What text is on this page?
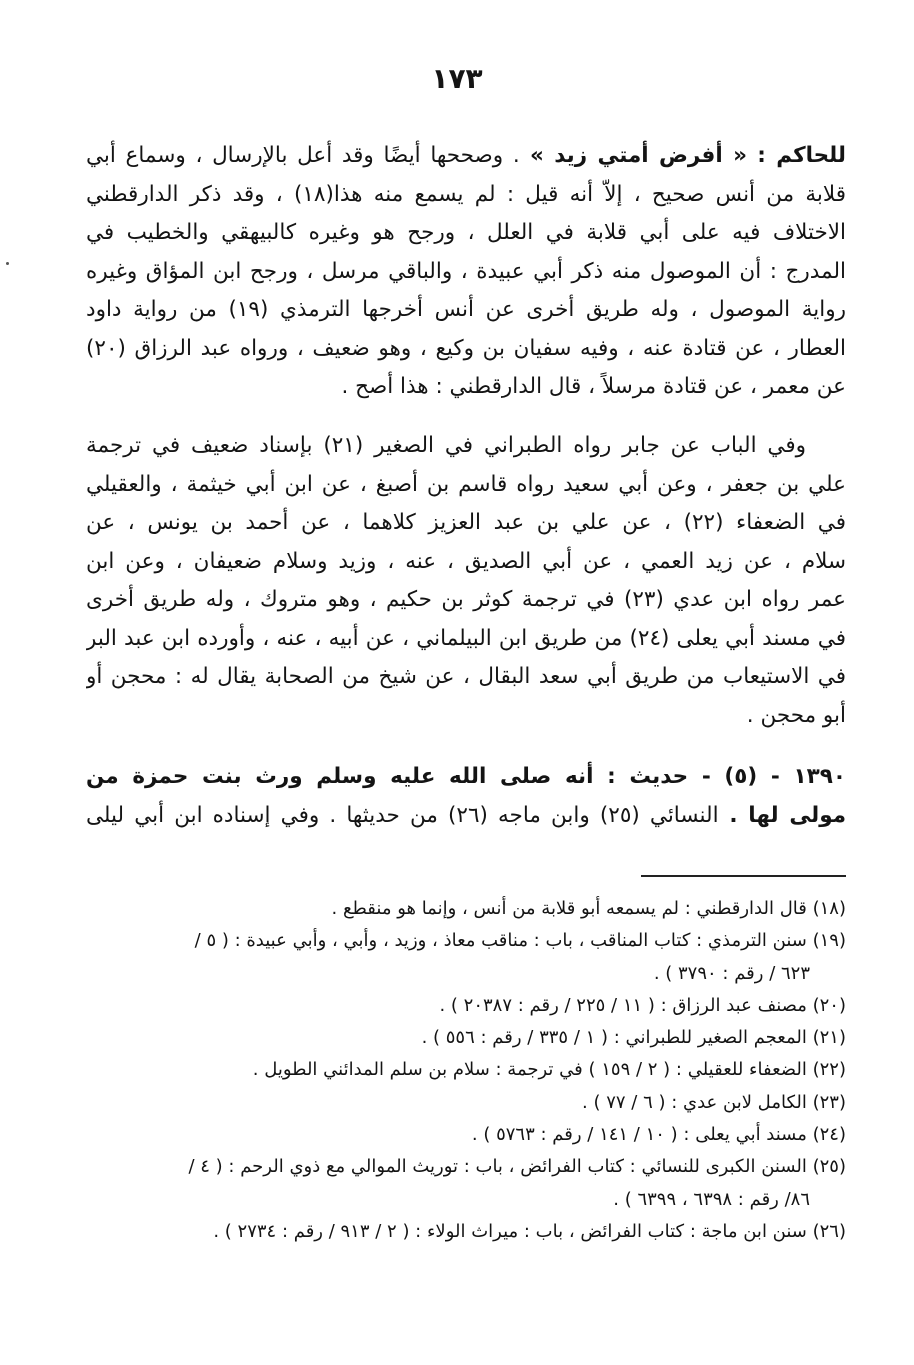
١٧٣
للحاكم : « أفرض أمتي زيد » . وصححها أيضًا وقد أعل بالإرسال ، وسماع أبي
قلابة من أنس صحيح ، إلاّ أنه قيل : لم يسمع منه هذا(١٨) ، وقد ذكر الدارقطني
الاختلاف فيه على أبي قلابة في العلل ، ورجح هو وغيره كالبيهقي والخطيب في
المدرج : أن الموصول منه ذكر أبي عبيدة ، والباقي مرسل ، ورجح ابن المؤاق وغيره
رواية الموصول ، وله طريق أخرى عن أنس أخرجها الترمذي (١٩) من رواية داود
العطار ، عن قتادة عنه ، وفيه سفيان بن وكيع ، وهو ضعيف ، ورواه عبد الرزاق (٢٠)
عن معمر ، عن قتادة مرسلاً ، قال الدارقطني : هذا أصح .
وفي الباب عن جابر رواه الطبراني في الصغير (٢١) بإسناد ضعيف في ترجمة
علي بن جعفر ، وعن أبي سعيد رواه قاسم بن أصبغ ، عن ابن أبي خيثمة ، والعقيلي
في الضعفاء (٢٢) ، عن علي بن عبد العزيز كلاهما ، عن أحمد بن يونس ، عن
سلام ، عن زيد العمي ، عن أبي الصديق ، عنه ، وزيد وسلام ضعيفان ، وعن ابن
عمر رواه ابن عدي (٢٣) في ترجمة كوثر بن حكيم ، وهو متروك ، وله طريق أخرى
في مسند أبي يعلى (٢٤) من طريق ابن البيلماني ، عن أبيه ، عنه ، وأورده ابن عبد البر
في الاستيعاب من طريق أبي سعد البقال ، عن شيخ من الصحابة يقال له : محجن أو
أبو محجن .
١٣٩٠ - (٥) - حديث : أنه صلى الله عليه وسلم ورث بنت حمزة من
مولى لها . النسائي (٢٥) وابن ماجه (٢٦) من حديثها . وفي إسناده ابن أبي ليلى
(١٨) قال الدارقطني : لم يسمعه أبو قلابة من أنس ، وإنما هو منقطع .
(١٩) سنن الترمذي : كتاب المناقب ، باب : مناقب معاذ ، وزيد ، وأبي ، وأبي عبيدة : ( ٥ /
٦٢٣ / رقم : ٣٧٩٠ ) .
(٢٠) مصنف عبد الرزاق : ( ١١ / ٢٢٥ / رقم : ٢٠٣٨٧ ) .
(٢١) المعجم الصغير للطبراني : ( ١ / ٣٣٥ / رقم : ٥٥٦ ) .
(٢٢) الضعفاء للعقيلي : ( ٢ / ١٥٩ ) في ترجمة : سلام بن سلم المدائني الطويل .
(٢٣) الكامل لابن عدي : ( ٦ / ٧٧ ) .
(٢٤) مسند أبي يعلى : ( ١٠ / ١٤١ / رقم : ٥٧٦٣ ) .
(٢٥) السنن الكبرى للنسائي : كتاب الفرائض ، باب : توريث الموالي مع ذوي الرحم : ( ٤ /
٨٦/ رقم : ٦٣٩٨ ، ٦٣٩٩ ) .
(٢٦) سنن ابن ماجة : كتاب الفرائض ، باب : ميراث الولاء : ( ٢ / ٩١٣ / رقم : ٢٧٣٤ ) .
